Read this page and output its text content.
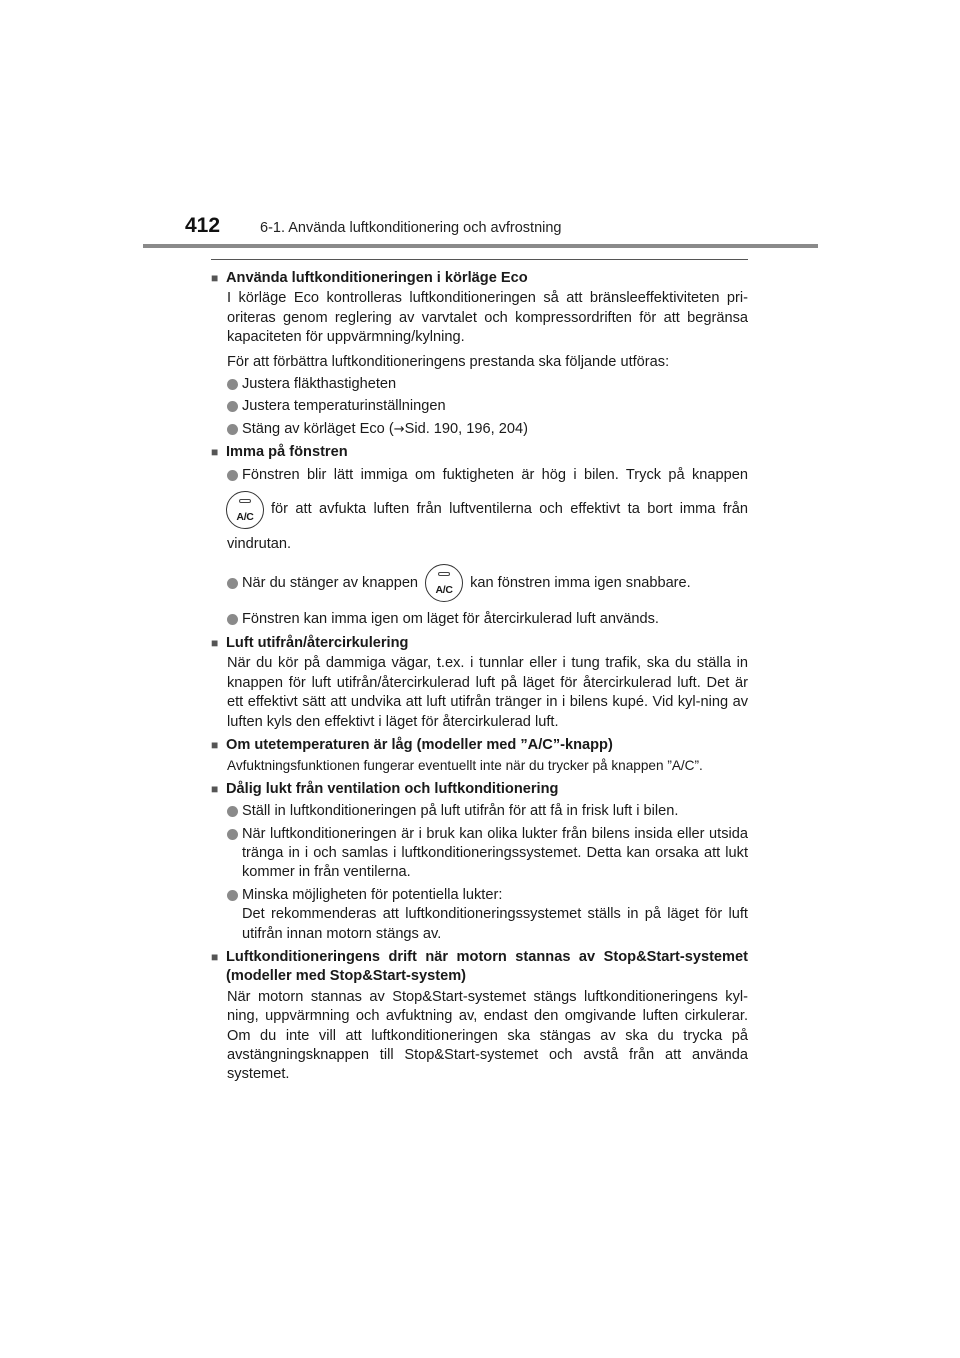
412	6-1. Använda luftkonditionering och avfrostning
■ Använda luftkonditioneringen i körläge Eco
I körläge Eco kontrolleras luftkonditioneringen så att bränsleeffektiviteten pri-oriteras genom reglering av varvtalet och kompressordriften för att begränsa kapaciteten för uppvärmning/kylning.
För att förbättra luftkonditioneringens prestanda ska följande utföras:
Justera fläkthastigheten
Justera temperaturinställningen
Stäng av körläget Eco (→Sid. 190, 196, 204)
■ Imma på fönstren
Fönstren blir lätt immiga om fuktigheten är hög i bilen. Tryck på knappen
A/C	för att avfukta luften från luftventilerna och effektivt ta bort imma från
vindrutan.
När du stänger av knappen	A/C	kan fönstren imma igen snabbare.
Fönstren kan imma igen om läget för återcirkulerad luft används.
■ Luft utifrån/återcirkulering
När du kör på dammiga vägar, t.ex. i tunnlar eller i tung trafik, ska du ställa in knappen för luft utifrån/återcirkulerad luft på läget för återcirkulerad luft. Det är ett effektivt sätt att undvika att luft utifrån tränger in i bilens kupé. Vid kyl-ning av luften kyls den effektivt i läget för återcirkulerad luft.
■ Om utetemperaturen är låg (modeller med ”A/C”-knapp)
Avfuktningsfunktionen fungerar eventuellt inte när du trycker på knappen ”A/C”.
■ Dålig lukt från ventilation och luftkonditionering
Ställ in luftkonditioneringen på luft utifrån för att få in frisk luft i bilen.
När luftkonditioneringen är i bruk kan olika lukter från bilens insida eller utsida tränga in i och samlas i luftkonditioneringssystemet. Detta kan orsaka att lukt kommer in från ventilerna.
Minska möjligheten för potentiella lukter:
Det rekommenderas att luftkonditioneringssystemet ställs in på läget för luft utifrån innan motorn stängs av.
■ Luftkonditioneringens drift när motorn stannas av Stop&Start-systemet (modeller med Stop&Start-system)
När motorn stannas av Stop&Start-systemet stängs luftkonditioneringens kyl-ning, uppvärmning och avfuktning av, endast den omgivande luften cirkulerar. Om du inte vill att luftkonditioneringen ska stängas av ska du trycka på avstängningsknappen till Stop&Start-systemet och avstå från att använda systemet.
